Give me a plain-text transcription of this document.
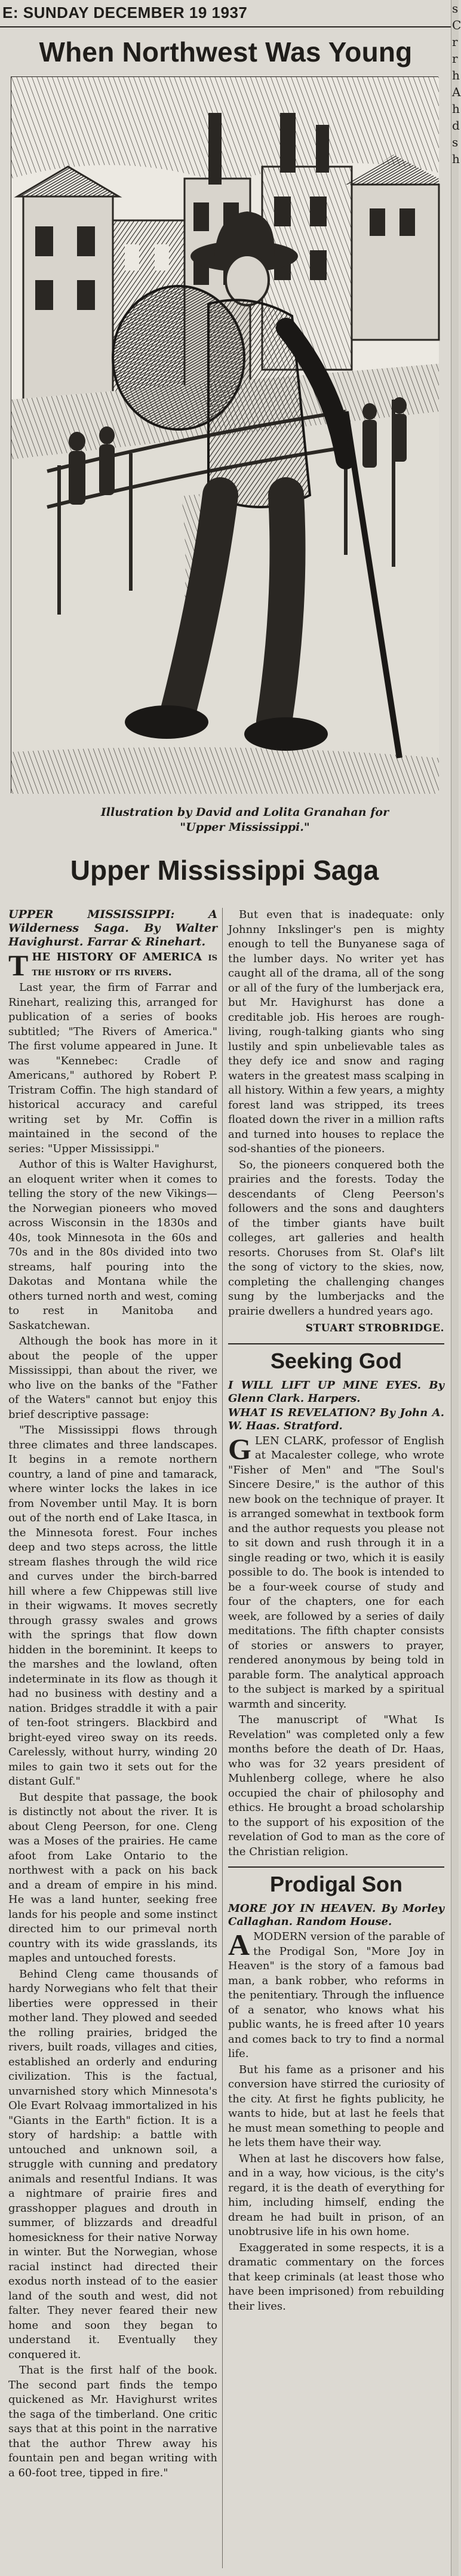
E: SUNDAY DECEMBER 19 1937	s
C
r
r
h
A
h
d
s
h
When Northwest Was Young
Illustration by David and Lolita Granahan for "Upper Mississippi."
Upper Mississippi Saga

UPPER MISSISSIPPI: A Wilderness Saga. By Walter Havighurst. Farrar & Rinehart.

THE HISTORY OF AMERICA is the history of its rivers.

Last year, the firm of Farrar and Rinehart, realizing this, arranged for publication of a series of books subtitled; "The Rivers of America." The first volume appeared in June. It was "Kennebec: Cradle of Americans," authored by Robert P. Tristram Coffin. The high standard of historical accuracy and careful writing set by Mr. Coffin is maintained in the second of the series: "Upper Mississippi."

Author of this is Walter Havighurst, an eloquent writer when it comes to telling the story of the new Vikings—the Norwegian pioneers who moved across Wisconsin in the 1830s and 40s, took Minnesota in the 60s and 70s and in the 80s divided into two streams, half pouring into the Dakotas and Montana while the others turned north and west, coming to rest in Manitoba and Saskatchewan.

Although the book has more in it about the people of the upper Mississippi, than about the river, we who live on the banks of the "Father of the Waters" cannot but enjoy this brief descriptive passage:

"The Mississippi flows through three climates and three landscapes. It begins in a remote northern country, a land of pine and tamarack, where winter locks the lakes in ice from November until May. It is born out of the north end of Lake Itasca, in the Minnesota forest. Four inches deep and two steps across, the little stream flashes through the wild rice and curves under the birch-barred hill where a few Chippewas still live in their wigwams. It moves secretly through grassy swales and grows with the springs that flow down hidden in the boreminint. It keeps to the marshes and the lowland, often indeterminate in its flow as though it had no business with destiny and a nation. Bridges straddle it with a pair of ten-foot stringers. Blackbird and bright-eyed vireo sway on its reeds. Carelessly, without hurry, winding 20 miles to gain two it sets out for the distant Gulf."

But despite that passage, the book is distinctly not about the river. It is about Cleng Peerson, for one. Cleng was a Moses of the prairies. He came afoot from Lake Ontario to the northwest with a pack on his back and a dream of empire in his mind. He was a land hunter, seeking free lands for his people and some instinct directed him to our primeval north country with its wide grasslands, its maples and untouched forests.

Behind Cleng came thousands of hardy Norwegians who felt that their liberties were oppressed in their mother land. They plowed and seeded the rolling prairies, bridged the rivers, built roads, villages and cities, established an orderly and enduring civilization. This is the factual, unvarnished story which Minnesota's Ole Evart Rolvaag immortalized in his "Giants in the Earth" fiction. It is a story of hardship: a battle with untouched and unknown soil, a struggle with cunning and predatory animals and resentful Indians. It was a nightmare of prairie fires and grasshopper plagues and drouth in summer, of blizzards and dreadful homesickness for their native Norway in winter. But the Norwegian, whose racial instinct had directed their exodus north instead of to the easier land of the south and west, did not falter. They never feared their new home and soon they began to understand it. Eventually they conquered it.

That is the first half of the book. The second part finds the tempo quickened as Mr. Havighurst writes the saga of the timberland. One critic says that at this point in the narrative that the author Threw away his fountain pen and began writing with a 60-foot tree, tipped in fire."

But even that is inadequate: only Johnny Inkslinger's pen is mighty enough to tell the Bunyanese saga of the lumber days. No writer yet has caught all of the drama, all of the song or all of the fury of the lumberjack era, but Mr. Havighurst has done a creditable job. His heroes are rough-living, rough-talking giants who sing lustily and spin unbelievable tales as they defy ice and snow and raging waters in the greatest mass scalping in all history. Within a few years, a mighty forest land was stripped, its trees floated down the river in a million rafts and turned into houses to replace the sod-shanties of the pioneers.

So, the pioneers conquered both the prairies and the forests. Today the descendants of Cleng Peerson's followers and the sons and daughters of the timber giants have built colleges, art galleries and health resorts. Choruses from St. Olaf's lilt the song of victory to the skies, now, completing the challenging changes sung by the lumberjacks and the prairie dwellers a hundred years ago.

STUART STROBRIDGE.
Seeking God

I WILL LIFT UP MINE EYES. By Glenn Clark. Harpers.

WHAT IS REVELATION? By John A. W. Haas. Stratford.

GLEN CLARK, professor of English at Macalester college, who wrote "Fisher of Men" and "The Soul's Sincere Desire," is the author of this new book on the technique of prayer. It is arranged somewhat in textbook form and the author requests you please not to sit down and rush through it in a single reading or two, which it is easily possible to do. The book is intended to be a four-week course of study and four of the chapters, one for each week, are followed by a series of daily meditations. The fifth chapter consists of stories or answers to prayer, rendered anonymous by being told in parable form. The analytical approach to the subject is marked by a spiritual warmth and sincerity.

The manuscript of "What Is Revelation" was completed only a few months before the death of Dr. Haas, who was for 32 years president of Muhlenberg college, where he also occupied the chair of philosophy and ethics. He brought a broad scholarship to the support of his exposition of the revelation of God to man as the core of the Christian religion.

Prodigal Son

MORE JOY IN HEAVEN. By Morley Callaghan. Random House.

AMODERN version of the parable of the Prodigal Son, "More Joy in Heaven" is the story of a famous bad man, a bank robber, who reforms in the penitentiary. Through the influence of a senator, who knows what his public wants, he is freed after 10 years and comes back to try to find a normal life.

But his fame as a prisoner and his conversion have stirred the curiosity of the city. At first he fights publicity, he wants to hide, but at last he feels that he must mean something to people and he lets them have their way.

When at last he discovers how false, and in a way, how vicious, is the city's regard, it is the death of everything for him, including himself, ending the dream he had built in prison, of an unobtrusive life in his own home.

Exaggerated in some respects, it is a dramatic commentary on the forces that keep criminals (at least those who have been imprisoned) from rebuilding their lives.
